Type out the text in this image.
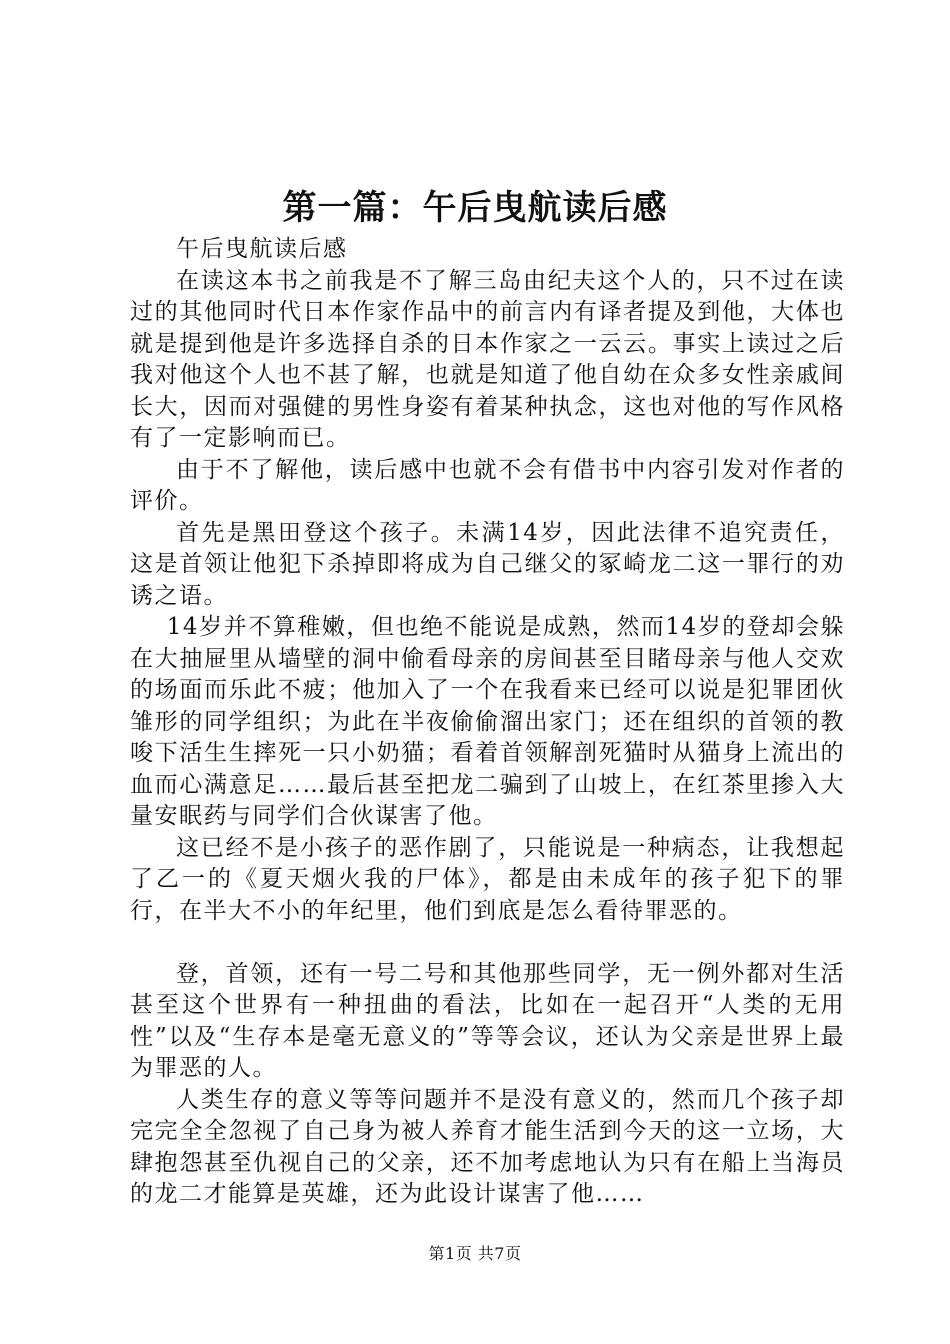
第一篇：午后曳航读后感

午后曳航读后感

在读这本书之前我是不了解三岛由纪夫这个人的，只不过在读过的其他同时代日本作家作品中的前言内有译者提及到他，大体也就是提到他是许多选择自杀的日本作家之一云云。事实上读过之后我对他这个人也不甚了解，也就是知道了他自幼在众多女性亲戚间长大，因而对强健的男性身姿有着某种执念，这也对他的写作风格有了一定影响而已。

由于不了解他，读后感中也就不会有借书中内容引发对作者的评价。

首先是黑田登这个孩子。未满14岁，因此法律不追究责任，这是首领让他犯下杀掉即将成为自己继父的冢崎龙二这一罪行的劝诱之语。

14岁并不算稚嫩，但也绝不能说是成熟，然而14岁的登却会躲在大抽屉里从墙壁的洞中偷看母亲的房间甚至目睹母亲与他人交欢的场面而乐此不疲；他加入了一个在我看来已经可以说是犯罪团伙雏形的同学组织；为此在半夜偷偷溜出家门；还在组织的首领的教唆下活生生摔死一只小奶猫；看着首领解剖死猫时从猫身上流出的血而心满意足……最后甚至把龙二骗到了山坡上，在红茶里掺入大量安眠药与同学们合伙谋害了他。

这已经不是小孩子的恶作剧了，只能说是一种病态，让我想起了乙一的《夏天烟火我的尸体》，都是由未成年的孩子犯下的罪行，在半大不小的年纪里，他们到底是怎么看待罪恶的。

登，首领，还有一号二号和其他那些同学，无一例外都对生活甚至这个世界有一种扭曲的看法，比如在一起召开“人类的无用性”以及“生存本是毫无意义的”等等会议，还认为父亲是世界上最为罪恶的人。

人类生存的意义等等问题并不是没有意义的，然而几个孩子却完完全全忽视了自己身为被人养育才能生活到今天的这一立场，大肆抱怨甚至仇视自己的父亲，还不加考虑地认为只有在船上当海员的龙二才能算是英雄，还为此设计谋害了他……

第1页 共7页
